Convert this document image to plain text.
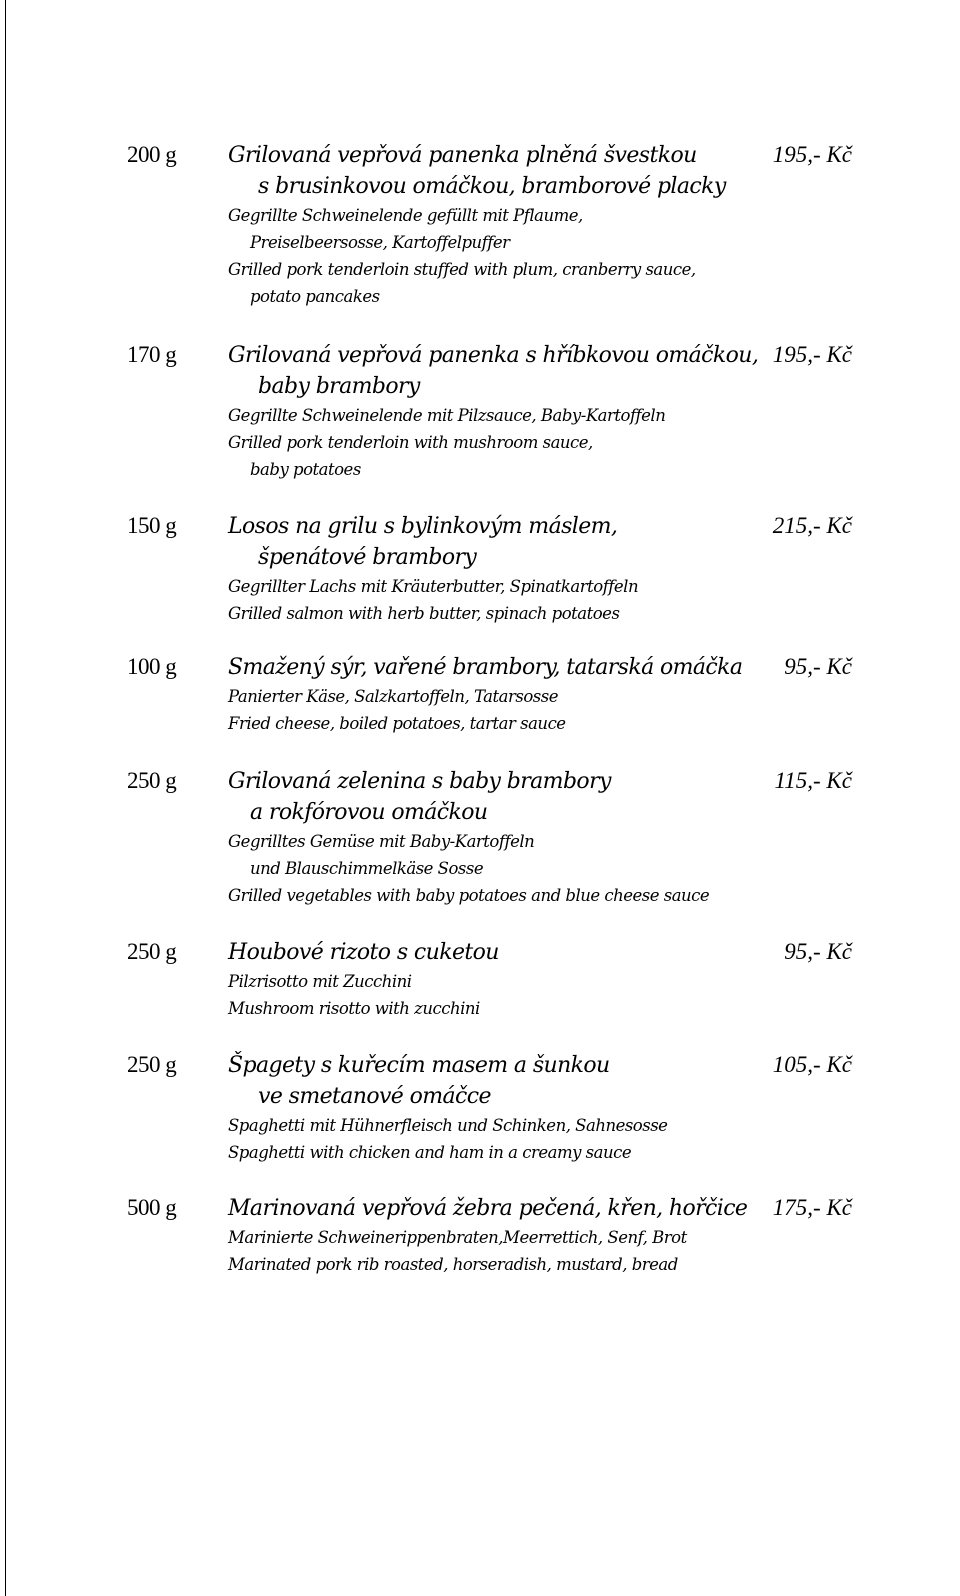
200 g Grilovaná vepřová panenka plněná švestkou
s brusinkovou omáčkou, bramborové placky
Gegrillte Schweinelende gefüllt mit Pflaume,
Preiselbeersosse, Kartoffelpuffer
Grilled pork tenderloin stuffed with plum, cranberry sauce,
potato pancakes
195,- Kč
170 g Grilovaná vepřová panenka s hříbkovou omáčkou,
baby brambory
Gegrillte Schweinelende mit Pilzsauce, Baby-Kartoffeln
Grilled pork tenderloin with mushroom sauce,
baby potatoes
195,- Kč
150 g Losos na grilu s bylinkovým máslem,
špenátové brambory
Gegrillter Lachs mit Kräuterbutter, Spinatkartoffeln
Grilled salmon with herb butter, spinach potatoes
215,- Kč
100 g Smažený sýr, vařené brambory, tatarská omáčka
Panierter Käse, Salzkartoffeln, Tatarsosse
Fried cheese, boiled potatoes, tartar sauce
95,- Kč
250 g Grilovaná zelenina s baby brambory
a rokfórovou omáčkou
Gegrilltes Gemüse mit Baby-Kartoffeln
und Blauschimmelkäse Sosse
Grilled vegetables with baby potatoes and blue cheese sauce
115,- Kč
250 g Houbové rizoto s cuketou
Pilzrisotto mit Zucchini
Mushroom risotto with zucchini
95,- Kč
250 g Špagety s kuřecím masem a šunkou
ve smetanové omáčce
Spaghetti mit Hühnerfleisch und Schinken, Sahnesosse
Spaghetti with chicken and ham in a creamy sauce
105,- Kč
500 g Marinovaná vepřová žebra pečená, křen, hořčice
Marinierte Schweinerippenbraten,Meerrettich, Senf, Brot
Marinated pork rib roasted, horseradish, mustard, bread
175,- Kč
